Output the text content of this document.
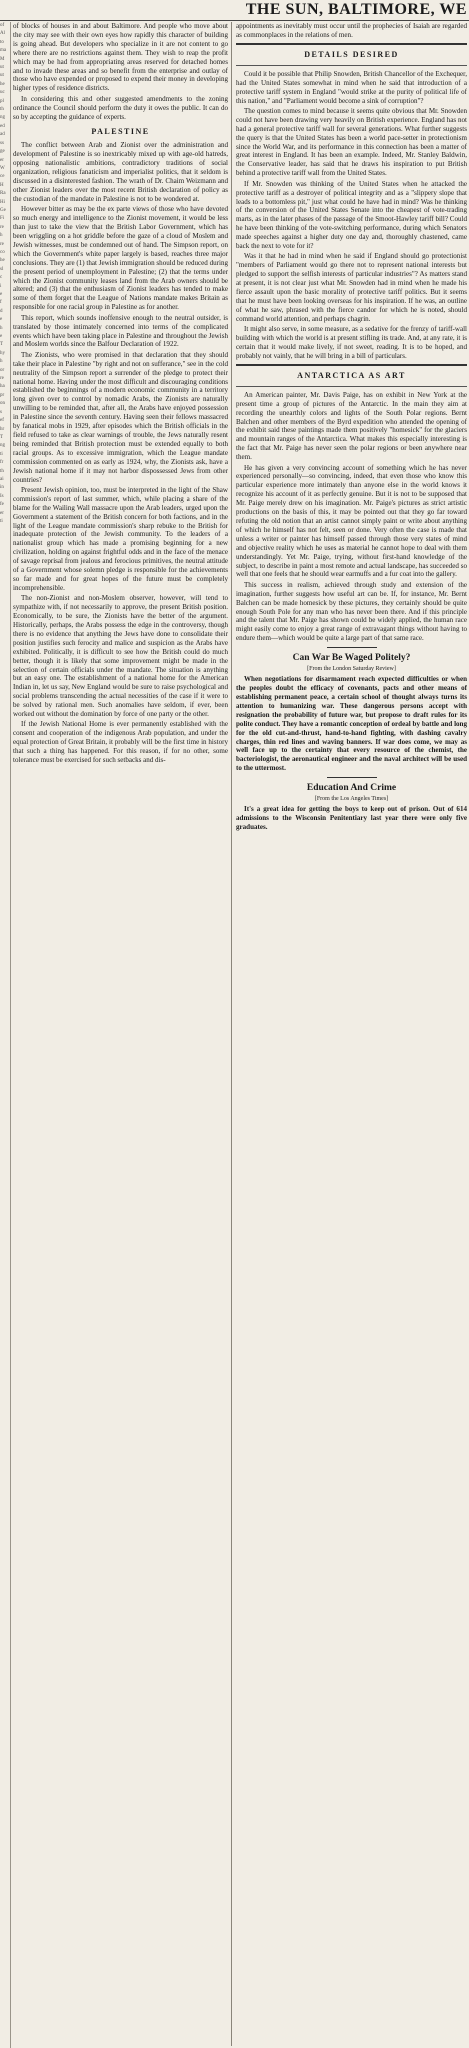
THE SUN, BALTIMORE, WE
of
Al
to
ma
M
ut
ut
he
uc
pl
th
ng
ed
ad
ss
ge
er
W
ce
H
Ra
Hi
Ge
Fi
re
h
re
co
he
sl
c
i
e
f
d
e
h
e
T
hy
h
or
re
ha
pr
on
s
ef
hr
T
ng
ti
fr
th
ai
in
Is
fe
er
ti

of blocks of houses in and about Baltimore. And people who move about the city may see with their own eyes how rapidly this character of building is going ahead. But developers who specialize in it are not content to go where there are no restrictions against them. They wish to reap the profit which may be had from appropriating areas reserved for detached homes and to invade these areas and so benefit from the enterprise and outlay of those who have expended or proposed to expend their money in developing higher types of residence districts.

In considering this and other suggested amendments to the zoning ordinance the Council should perform the duty it owes the public. It can do so by accepting the guidance of experts.

PALESTINE

The conflict between Arab and Zionist over the administration and development of Palestine is so inextricably mixed up with age-old hatreds, opposing nationalistic ambitions, contradictory traditions of social organization, religious fanaticism and imperialist politics, that it seldom is discussed in a disinterested fashion. The wrath of Dr. Chaim Weizmann and other Zionist leaders over the most recent British declaration of policy as the custodian of the mandate in Palestine is not to be wondered at.

However bitter as may be the ex parte views of those who have devoted so much energy and intelligence to the Zionist movement, it would be less than just to take the view that the British Labor Government, which has been wriggling on a hot griddle before the gaze of a cloud of Moslem and Jewish witnesses, must be condemned out of hand. The Simpson report, on which the Government's white paper largely is based, reaches three major conclusions. They are (1) that Jewish immigration should be reduced during the present period of unemployment in Palestine; (2) that the terms under which the Zionist community leases land from the Arab owners should be altered; and (3) that the enthusiasm of Zionist leaders has tended to make some of them forget that the League of Nations mandate makes Britain as responsible for one racial group in Palestine as for another.

This report, which sounds inoffensive enough to the neutral outsider, is translated by those intimately concerned into terms of the complicated events which have been taking place in Palestine and throughout the Jewish and Moslem worlds since the Balfour Declaration of 1922.

The Zionists, who were promised in that declaration that they should take their place in Palestine "by right and not on sufferance," see in the cold neutrality of the Simpson report a surrender of the pledge to protect their national home. Having under the most difficult and discouraging conditions established the beginnings of a modern economic community in a territory long given over to control by nomadic Arabs, the Zionists are naturally unwilling to be reminded that, after all, the Arabs have enjoyed possession in Palestine since the seventh century. Having seen their fellows massacred by fanatical mobs in 1929, after episodes which the British officials in the field refused to take as clear warnings of trouble, the Jews naturally resent being reminded that British protection must be extended equally to both racial groups. As to excessive immigration, which the League mandate commission commented on as early as 1924, why, the Zionists ask, have a Jewish national home if it may not harbor dispossessed Jews from other countries?

Present Jewish opinion, too, must be interpreted in the light of the Shaw commission's report of last summer, which, while placing a share of the blame for the Wailing Wall massacre upon the Arab leaders, urged upon the Government a statement of the British concern for both factions, and in the light of the League mandate commission's sharp rebuke to the British for inadequate protection of the Jewish community. To the leaders of a nationalist group which has made a promising beginning for a new civilization, holding on against frightful odds and in the face of the menace of savage reprisal from jealous and ferocious primitives, the neutral attitude of a Government whose solemn pledge is responsible for the achievements so far made and for great hopes of the future must be completely incomprehensible.

The non-Zionist and non-Moslem observer, however, will tend to sympathize with, if not necessarily to approve, the present British position. Economically, to be sure, the Zionists have the better of the argument. Historically, perhaps, the Arabs possess the edge in the controversy, though there is no evidence that anything the Jews have done to consolidate their position justifies such ferocity and malice and suspicion as the Arabs have exhibited. Politically, it is difficult to see how the British could do much better, though it is likely that some improvement might be made in the selection of certain officials under the mandate. The situation is anything but an easy one. The establishment of a national home for the American Indian in, let us say, New England would be sure to raise psychological and social problems transcending the actual necessities of the case if it were to be solved by rational men. Such anomalies have seldom, if ever, been worked out without the domination by force of one party or the other.

If the Jewish National Home is ever permanently established with the consent and cooperation of the indigenous Arab population, and under the equal protection of Great Britain, it probably will be the first time in history that such a thing has happened. For this reason, if for no other, some tolerance must be exercised for such setbacks and dis-

appointments as inevitably must occur until the prophecies of Isaiah are regarded as commonplaces in the relations of men.

DETAILS DESIRED

Could it be possible that Philip Snowden, British Chancellor of the Exchequer, had the United States somewhat in mind when he said that introduction of a protective tariff system in England "would strike at the purity of political life of this nation," and "Parliament would become a sink of corruption"?

The question comes to mind because it seems quite obvious that Mr. Snowden could not have been drawing very heavily on British experience. England has not had a general protective tariff wall for several generations. What further suggests the query is that the United States has been a world pace-setter in protectionism since the World War, and its performance in this connection has been a matter of great interest in England. It has been an example. Indeed, Mr. Stanley Baldwin, the Conservative leader, has said that he draws his inspiration to put British behind a protective tariff wall from the United States.

If Mr. Snowden was thinking of the United States when he attacked the protective tariff as a destroyer of political integrity and as a "slippery slope that leads to a bottomless pit," just what could he have had in mind? Was he thinking of the conversion of the United States Senate into the cheapest of vote-trading marts, as in the later phases of the passage of the Smoot-Hawley tariff bill? Could he have been thinking of the vote-switching performance, during which Senators made speeches against a higher duty one day and, thoroughly chastened, came back the next to vote for it?

Was it that he had in mind when he said if England should go protectionist "members of Parliament would go there not to represent national interests but pledged to support the selfish interests of particular industries"? As matters stand at present, it is not clear just what Mr. Snowden had in mind when he made his fierce assault upon the basic morality of protective tariff politics. But it seems that he must have been looking overseas for his inspiration. If he was, an outline of what he saw, phrased with the fierce candor for which he is noted, should command world attention, and perhaps chagrin.

It might also serve, in some measure, as a sedative for the frenzy of tariff-wall building with which the world is at present stifling its trade. And, at any rate, it is certain that it would make lively, if not sweet, reading. It is to be hoped, and probably not vainly, that he will bring in a bill of particulars.

ANTARCTICA AS ART

An American painter, Mr. Davis Paige, has on exhibit in New York at the present time a group of pictures of the Antarctic. In the main they aim at recording the unearthly colors and lights of the South Polar regions. Bernt Balchen and other members of the Byrd expedition who attended the opening of the exhibit said these paintings made them positively "homesick" for the glaciers and mountain ranges of the Antarctica. What makes this especially interesting is the fact that Mr. Paige has never seen the polar regions or been anywhere near them.

He has given a very convincing account of something which he has never experienced personally—so convincing, indeed, that even those who know this particular experience more intimately than anyone else in the world knows it recognize his account of it as perfectly genuine. But it is not to be supposed that Mr. Paige merely drew on his imagination. Mr. Paige's pictures as strict artistic productions on the basis of this, it may be pointed out that they go far toward refuting the old notion that an artist cannot simply paint or write about anything of which he himself has not felt, seen or done. Very often the case is made that unless a writer or painter has himself passed through those very states of mind and objective reality which he uses as material he cannot hope to deal with them understandingly. Yet Mr. Paige, trying, without first-hand knowledge of the subject, to describe in paint a most remote and actual landscape, has succeeded so well that one feels that he should wear earmuffs and a fur coat into the gallery.

This success in realism, achieved through study and extension of the imagination, further suggests how useful art can be. If, for instance, Mr. Bernt Balchen can be made homesick by these pictures, they certainly should be quite enough South Pole for any man who has never been there. And if this principle and the talent that Mr. Paige has shown could be widely applied, the human race might easily come to enjoy a great range of extravagant things without having to endure them—which would be quite a large part of that same race.

Can War Be Waged Politely?
[From the London Saturday Review]

When negotiations for disarmament reach expected difficulties or when the peoples doubt the efficacy of covenants, pacts and other means of establishing permanent peace, a certain school of thought always turns its attention to humanizing war. These dangerous persons accept with resignation the probability of future war, but propose to draft rules for its polite conduct. They have a romantic conception of ordeal by battle and long for the old cut-and-thrust, hand-to-hand fighting, with dashing cavalry charges, thin red lines and waving banners. If war does come, we may as well face up to the certainty that every resource of the chemist, the bacteriologist, the aeronautical engineer and the naval architect will be used to the uttermost.

Education And Crime
[From the Los Angeles Times]

It's a great idea for getting the boys to keep out of prison. Out of 614 admissions to the Wisconsin Penitentiary last year there were only five graduates.
